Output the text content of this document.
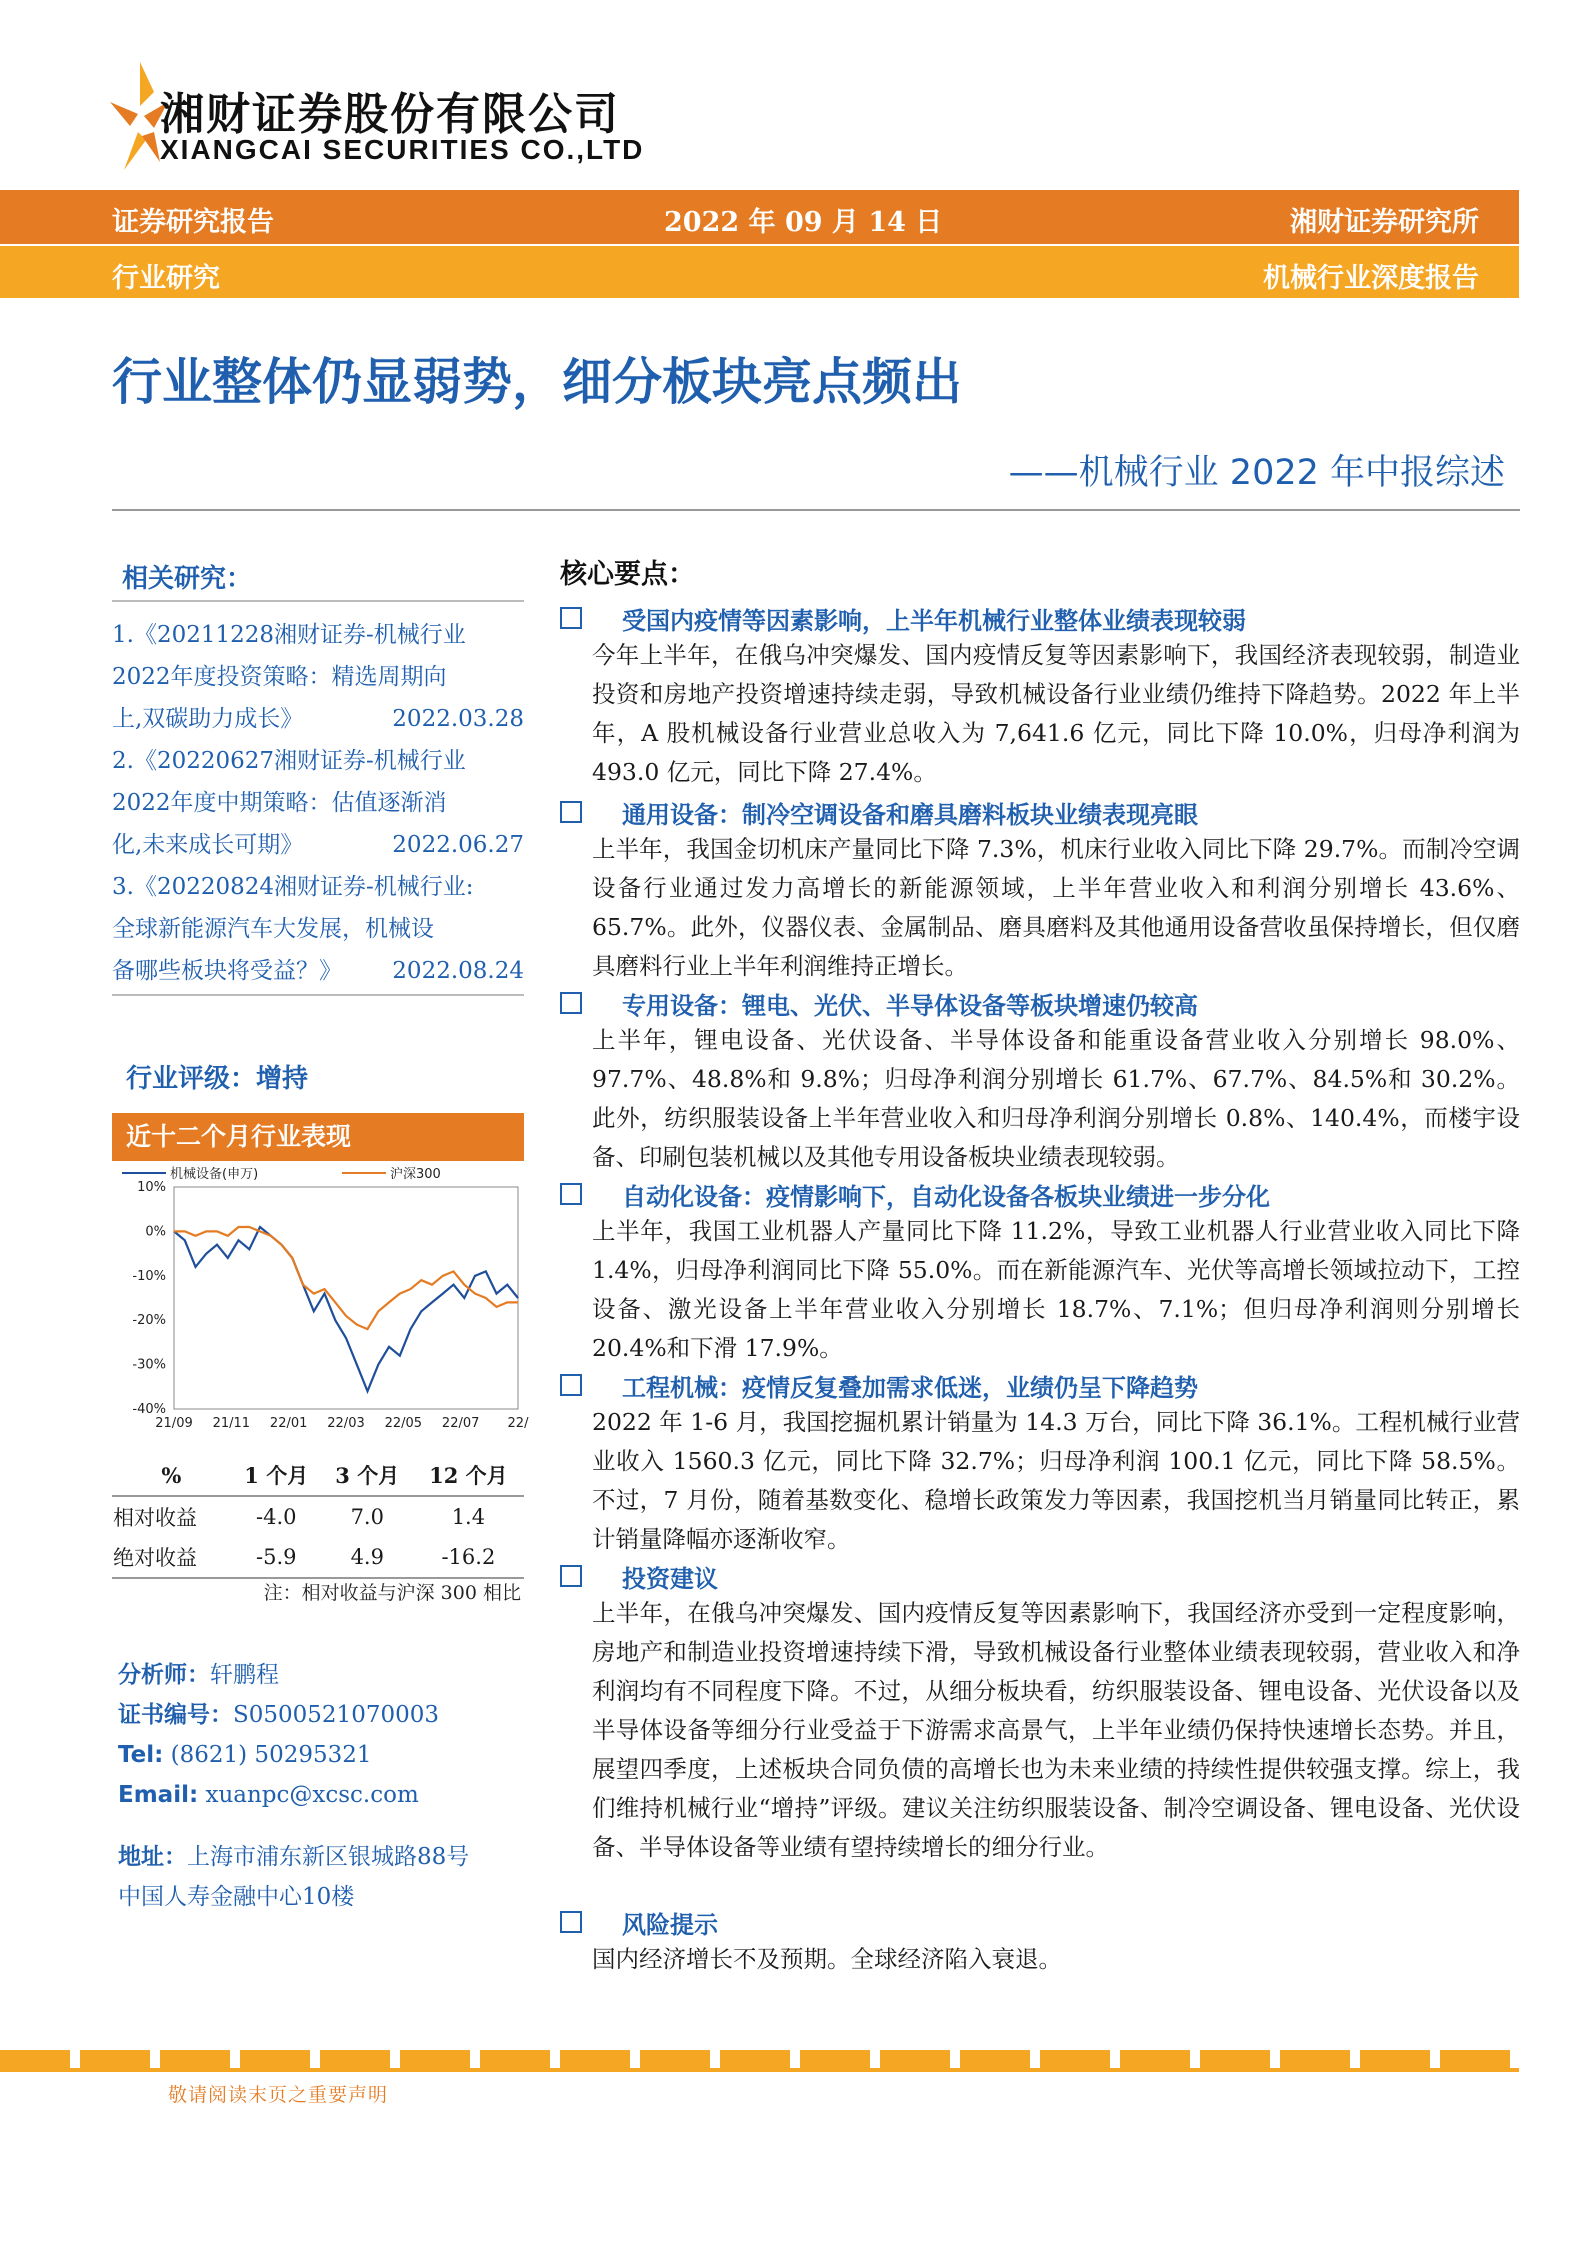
湘财证券股份有限公司
XIANGCAI SECURITIES CO.,LTD
证券研究报告	2022 年 09 月 14 日	湘财证券研究所
行业研究	机械行业深度报告
行业整体仍显弱势，细分板块亮点频出
——机械行业 2022 年中报综述
相关研究：
1.《20211228湘财证券-机械行业
2022年度投资策略：精选周期向
上,双碳助力成长》	2022.03.28
2.《20220627湘财证券-机械行业
2022年度中期策略：估值逐渐消
化,未来成长可期》	2022.06.27
3.《20220824湘财证券-机械行业:
全球新能源汽车大发展，机械设
备哪些板块将受益？》 2022.08.24
行业评级：增持
近十二个月行业表现
机械设备(申万)	沪深300
10%
0%
-10%
-20%
-30%
-40%
21/09 21/11 22/01 22/03 22/05 22/07 22/
%	1 个月	3 个月	12 个月
相对收益	-4.0	7.0	1.4
绝对收益	-5.9	4.9	-16.2
注：相对收益与沪深 300 相比
分析师：轩鹏程
证书编号：S0500521070003
Tel: (8621) 50295321
Email: xuanpc@xcsc.com
地址：上海市浦东新区银城路88号
中国人寿金融中心10楼
核心要点：
受国内疫情等因素影响，上半年机械行业整体业绩表现较弱
今年上半年，在俄乌冲突爆发、国内疫情反复等因素影响下，我国经济表现较弱，制造业投资和房地产投资增速持续走弱，导致机械设备行业业绩仍维持下降趋势。2022 年上半年，A 股机械设备行业营业总收入为 7,641.6 亿元，同比下降 10.0%，归母净利润为 493.0 亿元，同比下降 27.4%。
通用设备：制冷空调设备和磨具磨料板块业绩表现亮眼
上半年，我国金切机床产量同比下降 7.3%，机床行业收入同比下降 29.7%。而制冷空调设备行业通过发力高增长的新能源领域，上半年营业收入和利润分别增长 43.6%、65.7%。此外，仪器仪表、金属制品、磨具磨料及其他通用设备营收虽保持增长，但仅磨具磨料行业上半年利润维持正增长。
专用设备：锂电、光伏、半导体设备等板块增速仍较高
上半年，锂电设备、光伏设备、半导体设备和能重设备营业收入分别增长 98.0%、97.7%、48.8%和 9.8%；归母净利润分别增长 61.7%、67.7%、84.5%和 30.2%。此外，纺织服装设备上半年营业收入和归母净利润分别增长 0.8%、140.4%，而楼宇设备、印刷包装机械以及其他专用设备板块业绩表现较弱。
自动化设备：疫情影响下，自动化设备各板块业绩进一步分化
上半年，我国工业机器人产量同比下降 11.2%，导致工业机器人行业营业收入同比下降 1.4%，归母净利润同比下降 55.0%。而在新能源汽车、光伏等高增长领域拉动下，工控设备、激光设备上半年营业收入分别增长 18.7%、7.1%；但归母净利润则分别增长 20.4%和下滑 17.9%。
工程机械：疫情反复叠加需求低迷，业绩仍呈下降趋势
2022 年 1-6 月，我国挖掘机累计销量为 14.3 万台，同比下降 36.1%。工程机械行业营业收入 1560.3 亿元，同比下降 32.7%；归母净利润 100.1 亿元，同比下降 58.5%。不过，7 月份，随着基数变化、稳增长政策发力等因素，我国挖机当月销量同比转正，累计销量降幅亦逐渐收窄。
投资建议
上半年，在俄乌冲突爆发、国内疫情反复等因素影响下，我国经济亦受到一定程度影响，房地产和制造业投资增速持续下滑，导致机械设备行业整体业绩表现较弱，营业收入和净利润均有不同程度下降。不过，从细分板块看，纺织服装设备、锂电设备、光伏设备以及半导体设备等细分行业受益于下游需求高景气，上半年业绩仍保持快速增长态势。并且，展望四季度，上述板块合同负债的高增长也为未来业绩的持续性提供较强支撑。综上，我们维持机械行业“增持”评级。建议关注纺织服装设备、制冷空调设备、锂电设备、光伏设备、半导体设备等业绩有望持续增长的细分行业。
风险提示
国内经济增长不及预期。全球经济陷入衰退。
敬请阅读末页之重要声明
